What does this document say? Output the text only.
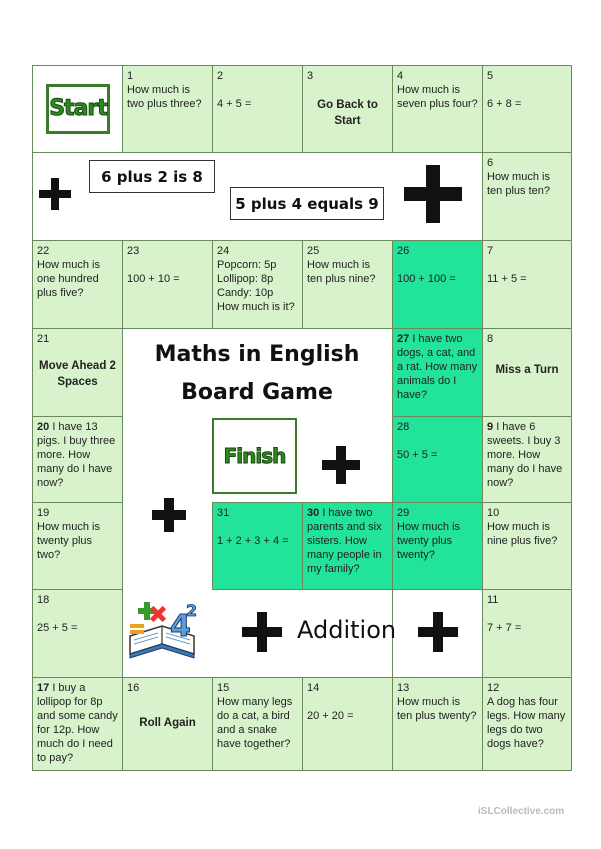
Start
1
How much is two plus three?
2
4 + 5 =
3
Go Back to Start
4
How much is seven plus four?
5
6 + 8 =
6
How much is ten plus ten?
22
How much is one hundred plus five?
23
100 + 10 =
24
Popcorn: 5p
Lollipop: 8p
Candy: 10p
How much is it?
25
How much is ten plus nine?
26
100 + 100 =
7
11 + 5 =
21
Move Ahead 2 Spaces
27 I have two dogs, a cat, and a rat. How many animals do I have?
8
Miss a Turn
20 I have 13 pigs. I buy three more. How many do I have now?
28
50 + 5 =
9 I have 6 sweets. I buy 3 more. How many do I have now?
19
How much is twenty plus two?
31
1 + 2 + 3 + 4 =
30 I have two parents and six sisters. How many people in my family?
29
How much is twenty plus twenty?
10
How much is nine plus five?
18
25 + 5 =
11
7 + 7 =
17 I buy a lollipop for 8p and some candy for 12p. How much do I need to pay?
16
Roll Again
15
How many legs do a cat, a bird and a snake have together?
14
20 + 20 =
13
How much is ten plus twenty?
12
A dog has four legs. How many legs do two dogs have?
Maths in English
Board Game
Finish
6 plus 2 is 8
5 plus 4 equals 9
Addition
4
2
iSLCollective.com
